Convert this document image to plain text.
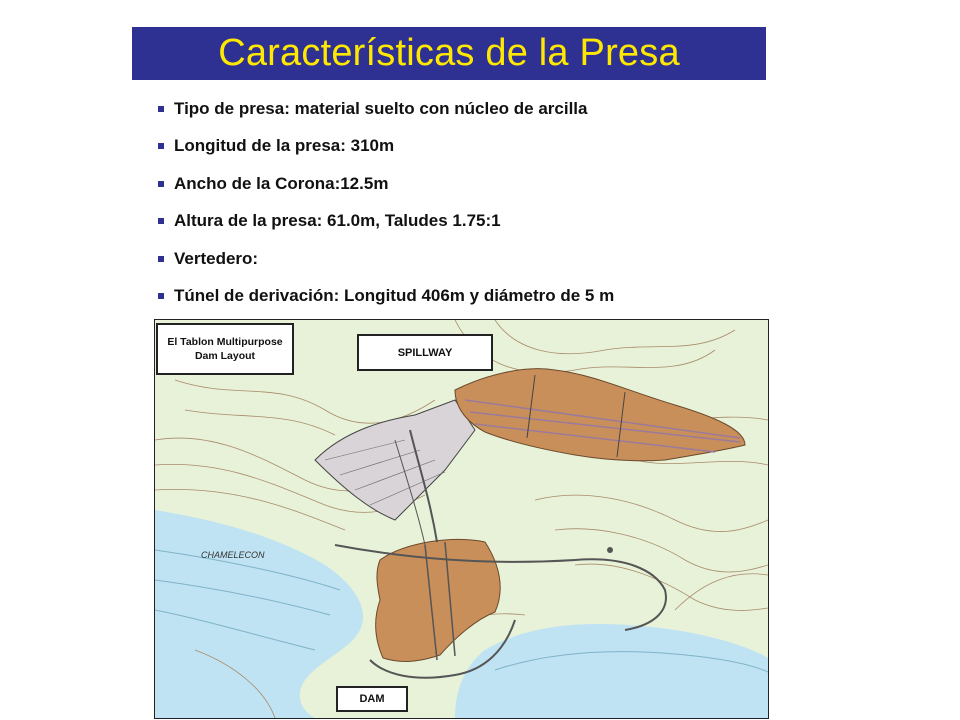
Características de la Presa
Tipo de presa: material suelto con núcleo de arcilla
Longitud de la presa: 310m
Ancho de la Corona:12.5m
Altura de la presa: 61.0m, Taludes 1.75:1
Vertedero:
Túnel de derivación: Longitud 406m y diámetro de 5 m
El Tablon Multipurpose
Dam Layout	SPILLWAY
DAM
CHAMELECON
